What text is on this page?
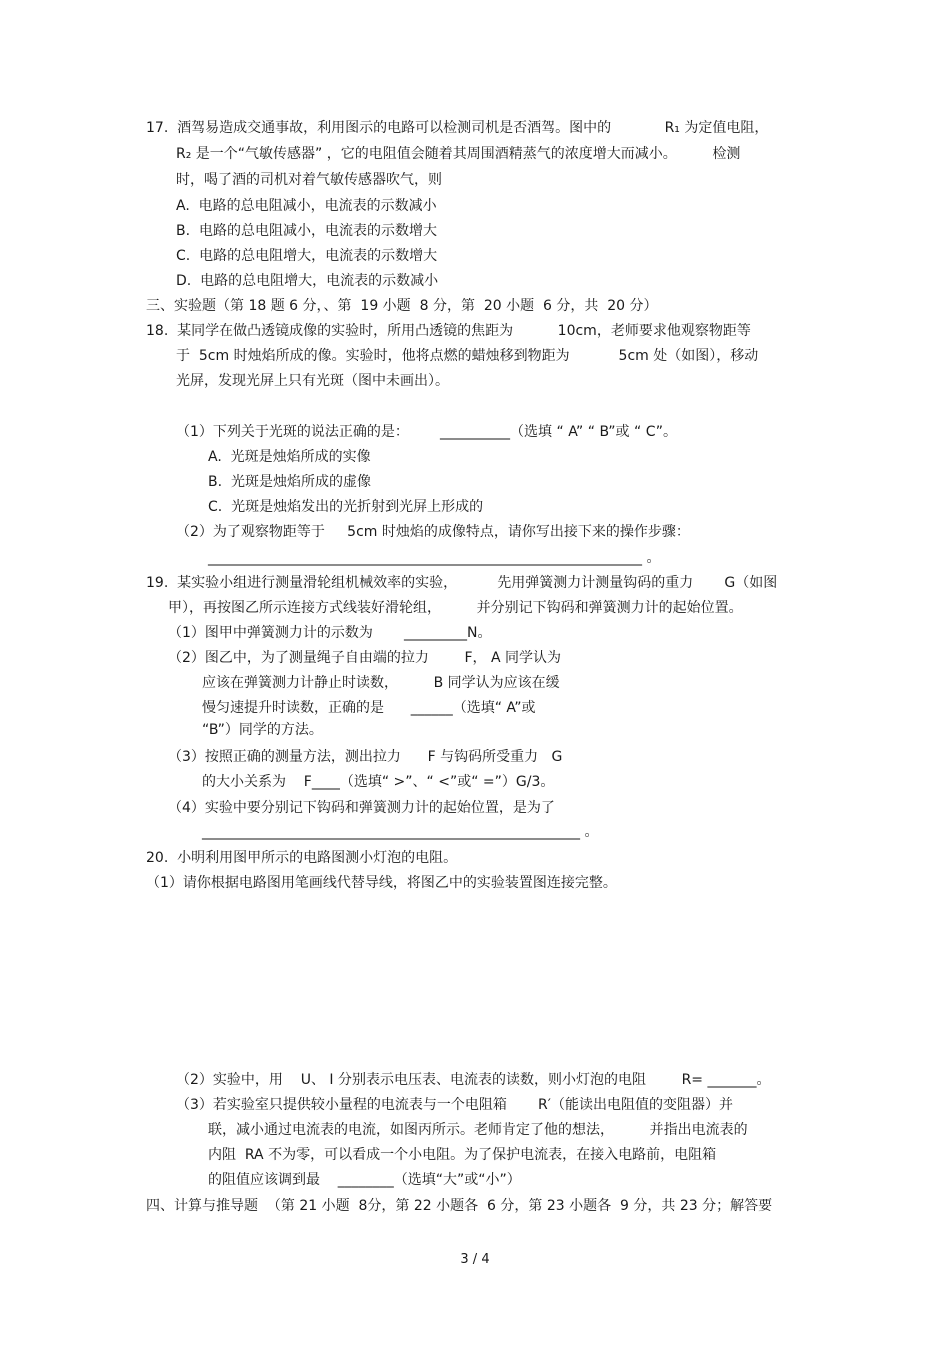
17.  酒驾易造成交通事故，利用图示的电路可以检测司机是否酒驾。图中的            R₁ 为定值电阻，
R₂ 是一个“气敏传感器” ，它的电阻值会随着其周围酒精蒸气的浓度增大而减小。        检测
时，喝了酒的司机对着气敏传感器吹气，则
A.  电路的总电阻减小，电流表的示数减小
B.  电路的总电阻减小，电流表的示数增大
C.  电路的总电阻增大，电流表的示数增大
D.  电路的总电阻增大，电流表的示数减小
三、实验题（第 18 题 6 分，、第  19 小题  8 分，第  20 小题  6 分，共  20 分）
18.  某同学在做凸透镜成像的实验时，所用凸透镜的焦距为          10cm，老师要求他观察物距等
于  5cm 时烛焰所成的像。实验时，他将点燃的蜡烛移到物距为           5cm 处（如图），移动
光屏，发现光屏上只有光斑（图中未画出）。
（1）下列关于光斑的说法正确的是：       __________（选填 “ A” “ B”或 “ C”。
A.  光斑是烛焰所成的实像
B.  光斑是烛焰所成的虚像
C.  光斑是烛焰发出的光折射到光屏上形成的
（2）为了观察物距等于     5cm 时烛焰的成像特点，请你写出接下来的操作步骤：
______________________________________________________________ 。
19.  某实验小组进行测量滑轮组机械效率的实验，         先用弹簧测力计测量钩码的重力       G（如图
甲），再按图乙所示连接方式线装好滑轮组，        并分别记下钩码和弹簧测力计的起始位置。
（1）图甲中弹簧测力计的示数为       _________N。
（2）图乙中，为了测量绳子自由端的拉力        F， A 同学认为
应该在弹簧测力计静止时读数，        B 同学认为应该在缓
慢匀速提升时读数，正确的是      ______（选填“ A”或
“B”）同学的方法。
（3）按照正确的测量方法，测出拉力      F 与钩码所受重力   G
的大小关系为    F____（选填“ >”、“ <”或“ =”）G/3。
（4）实验中要分别记下钩码和弹簧测力计的起始位置，是为了
______________________________________________________ 。
20.  小明利用图甲所示的电路图测小灯泡的电阻。
（1）请你根据电路图用笔画线代替导线，将图乙中的实验装置图连接完整。
（2）实验中，用    U、 I 分别表示电压表、电流表的读数，则小灯泡的电阻        R= _______。
（3）若实验室只提供较小量程的电流表与一个电阻箱       R′（能读出电阻值的变阻器）并
联，减小通过电流表的电流，如图丙所示。老师肯定了他的想法，        并指出电流表的
内阻  RA 不为零，可以看成一个小电阻。为了保护电流表，在接入电路前，电阻箱
的阻值应该调到最    ________（选填“大”或“小”）
四、计算与推导题  （第 21 小题  8分，第 22 小题各  6 分，第 23 小题各  9 分，共 23 分；解答要
3 / 4
